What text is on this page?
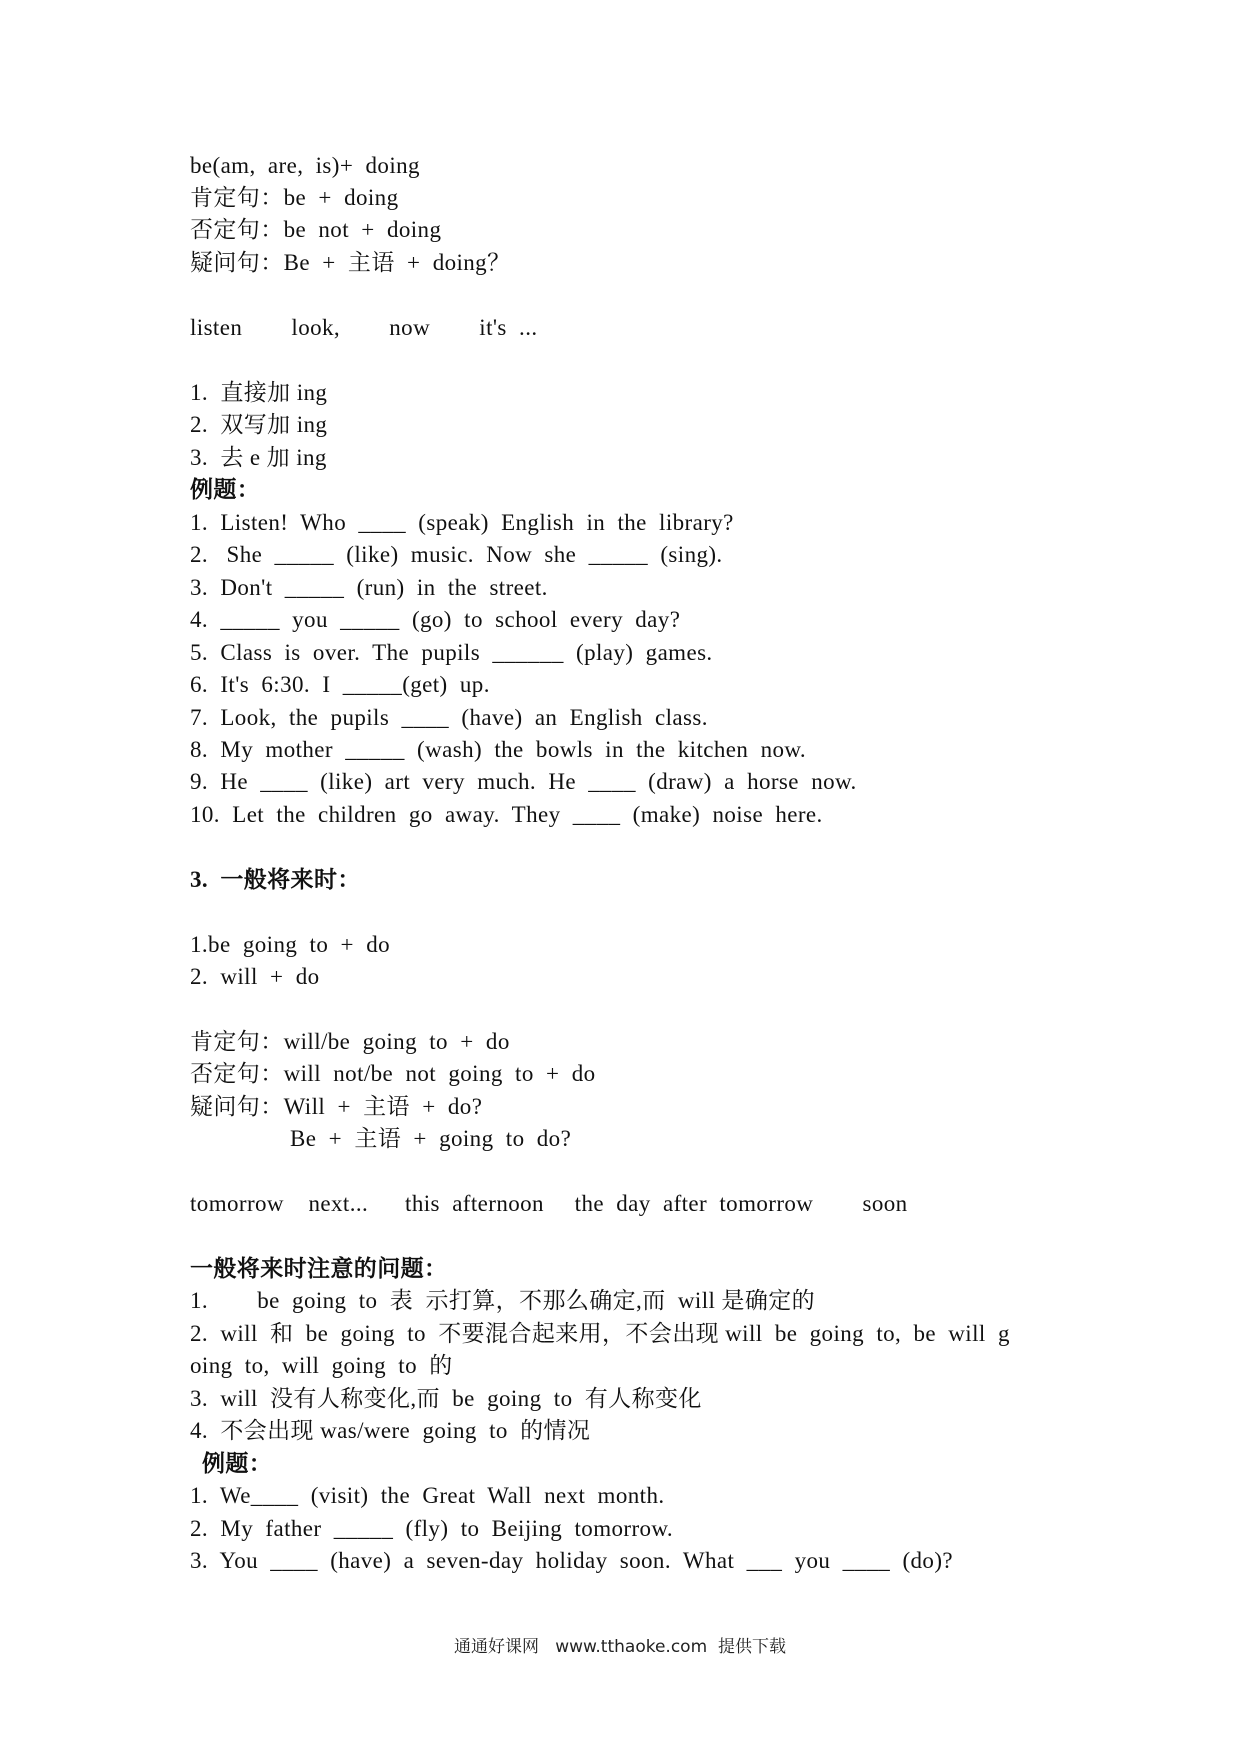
be(am,  are,  is)+  doing
肯定句：be  +  doing
否定句：be  not  +  doing
疑问句：Be  +  主语  +  doing？
listen        look,        now        it's  ...
1.  直接加 ing
2.  双写加 ing
3.  去 e 加 ing
例题：
1.  Listen!  Who  ____  (speak)  English  in  the  library?
2.   She  _____  (like)  music.  Now  she  _____  (sing).
3.  Don't  _____  (run)  in  the  street.
4.  _____  you  _____  (go)  to  school  every  day?
5.  Class  is  over.  The  pupils  ______  (play)  games.
6.  It's  6:30.  I  _____(get)  up.
7.  Look,  the  pupils  ____  (have)  an  English  class.
8.  My  mother  _____  (wash)  the  bowls  in  the  kitchen  now.
9.  He  ____  (like)  art  very  much.  He  ____  (draw)  a  horse  now.
10.  Let  the  children  go  away.  They  ____  (make)  noise  here.
3.  一般将来时：
1.be  going  to  +  do
2.  will  +  do
肯定句：will/be  going  to  +  do
否定句：will  not/be  not  going  to  +  do
疑问句：Will  +  主语  +  do?
Be  +  主语  +  going  to  do?
tomorrow    next...      this  afternoon     the  day  after  tomorrow        soon
一般将来时注意的问题：
1.        be  going  to  表  示打算，不那么确定,而  will 是确定的
2.  will  和  be  going  to  不要混合起来用，不会出现 will  be  going  to,  be  will  g
oing  to,  will  going  to  的
3.  will  没有人称变化,而  be  going  to  有人称变化
4.  不会出现 was/were  going  to  的情况
例题：
1.  We____  (visit)  the  Great  Wall  next  month.
2.  My  father  _____  (fly)  to  Beijing  tomorrow.
3.  You  ____  (have)  a  seven-day  holiday  soon.  What  ___  you  ____  (do)?
通通好课网   www.tthaoke.com  提供下载
